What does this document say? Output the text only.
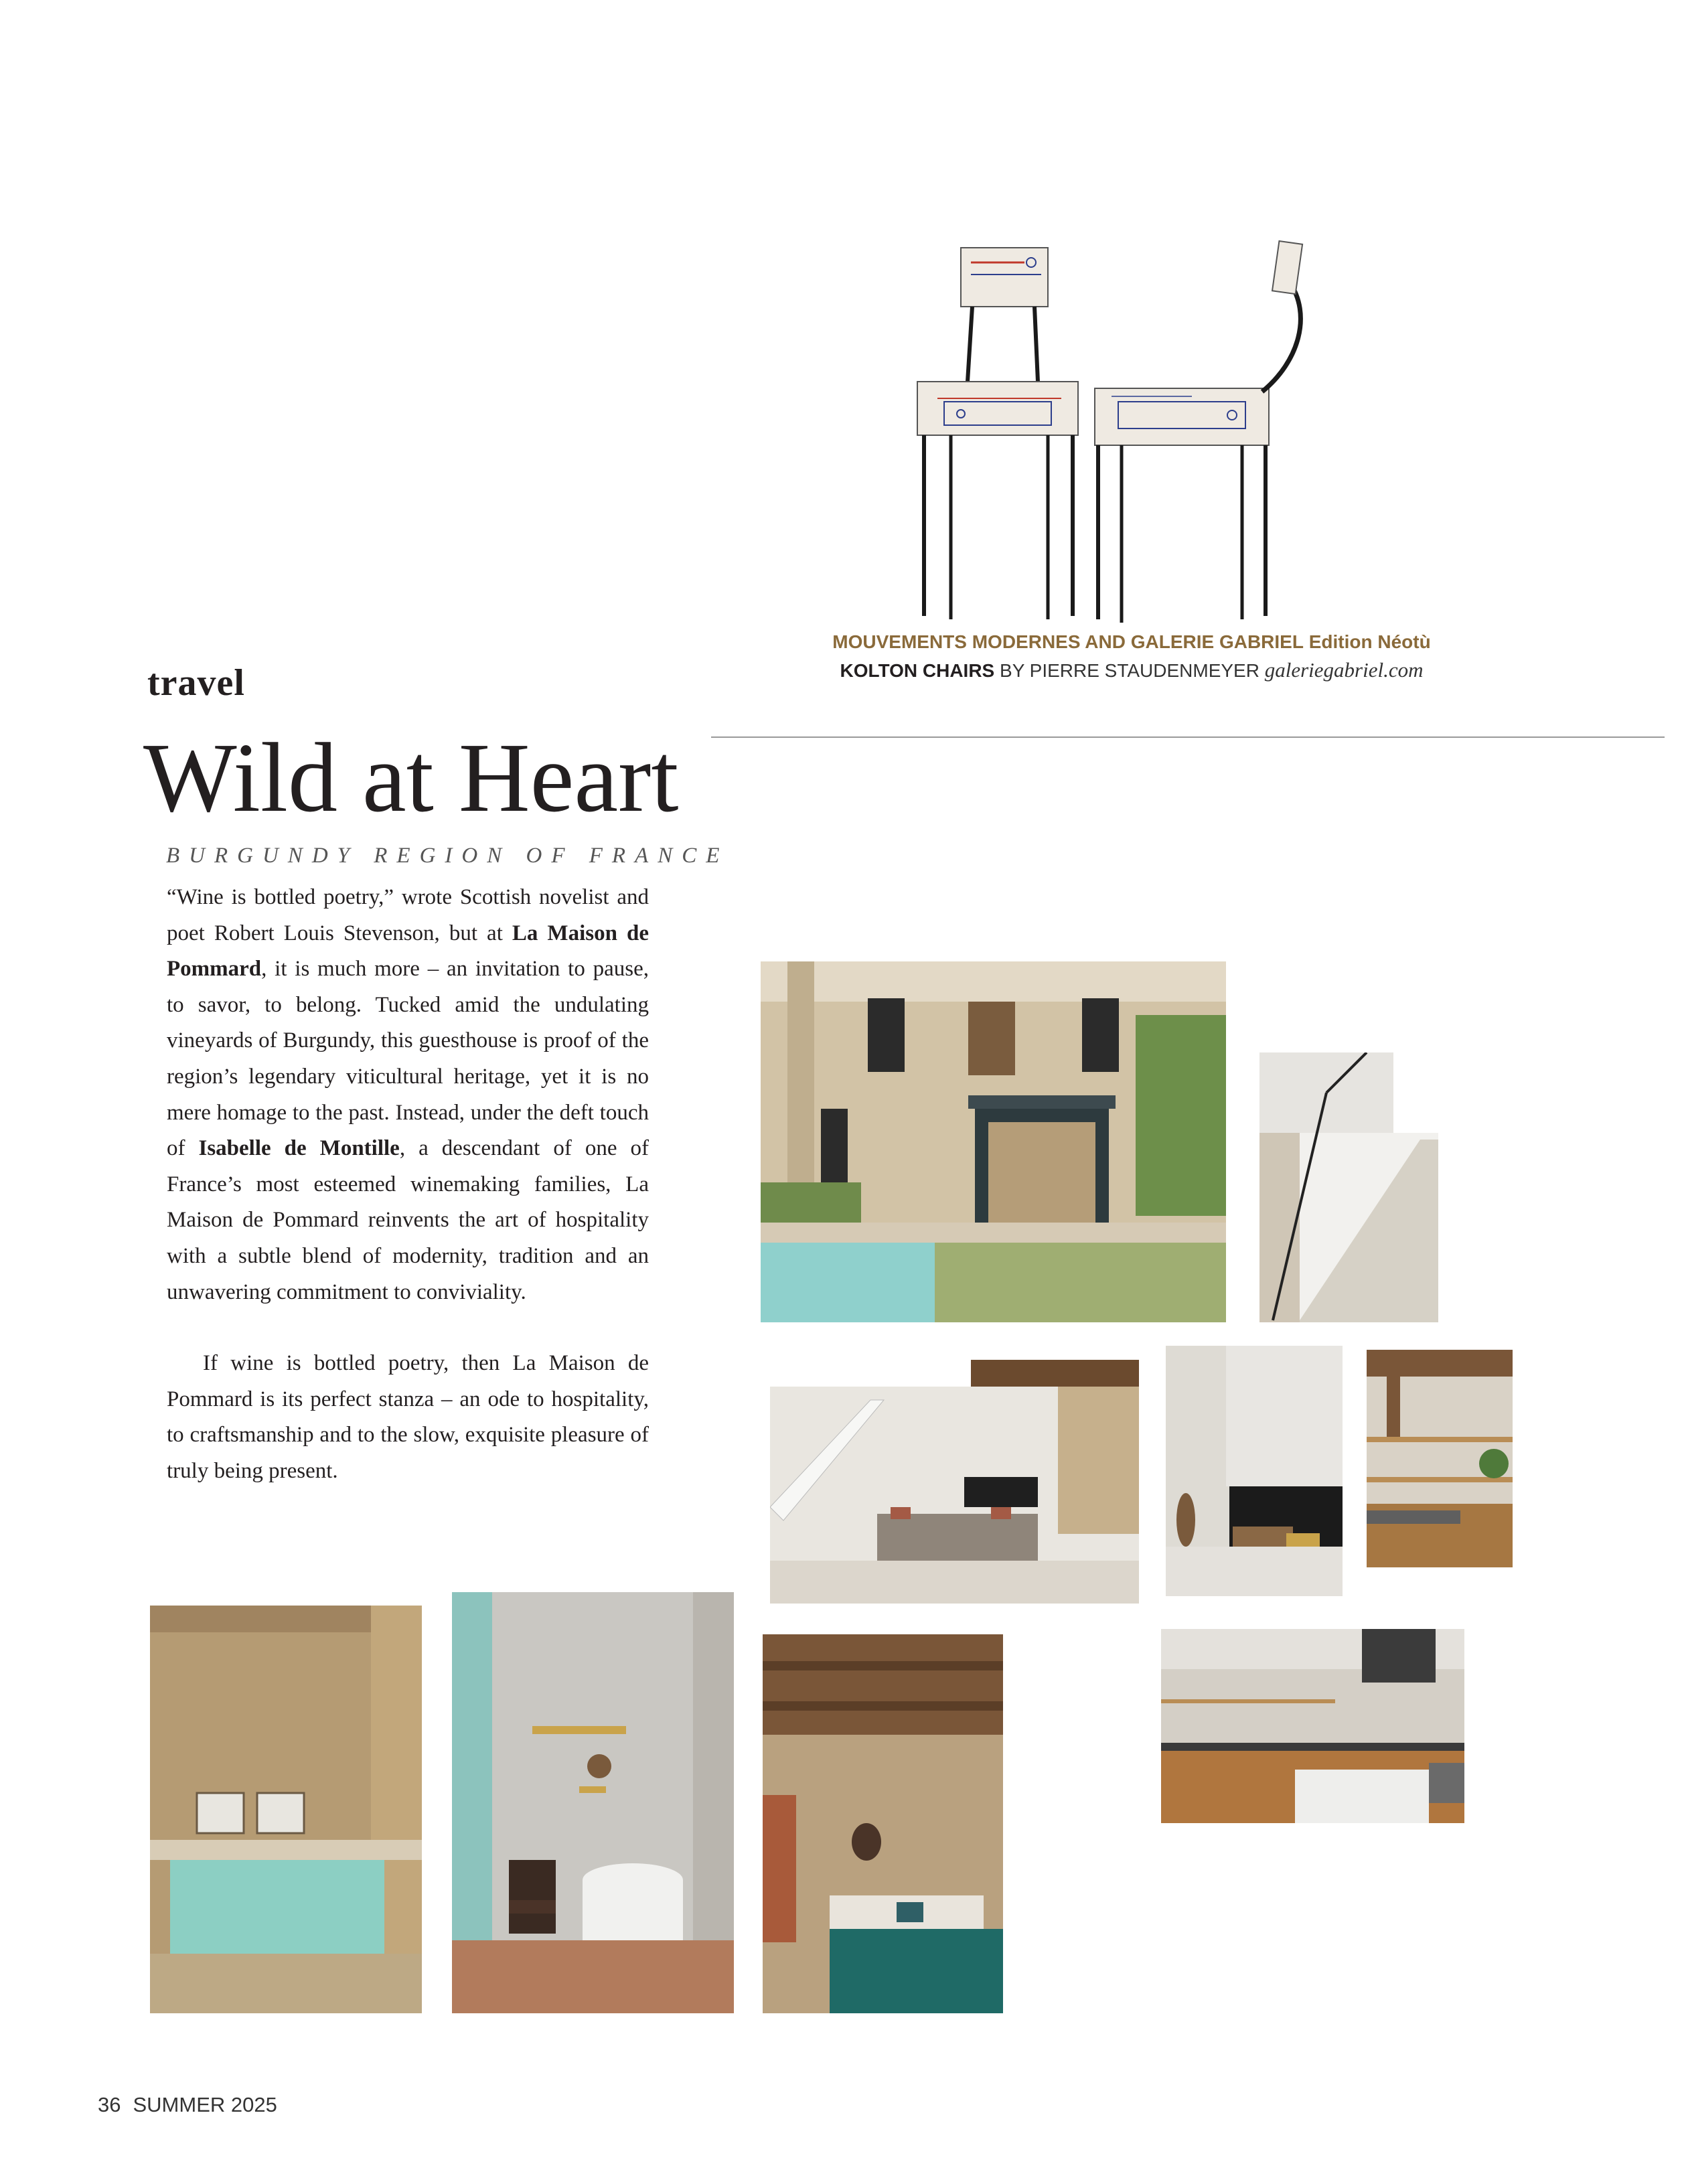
MOUVEMENTS MODERNES AND GALERIE GABRIEL Edition Néotù
KOLTON CHAIRS BY PIERRE STAUDENMEYER galeriegabriel.com
travel
Wild at Heart
BURGUNDY REGION OF FRANCE
“Wine is bottled poetry,” wrote Scottish novelist and poet Robert Louis Stevenson, but at La Maison de Pommard, it is much more – an invitation to pause, to savor, to belong. Tucked amid the undulating vineyards of Burgundy, this guesthouse is proof of the region’s legendary viticultural heritage, yet it is no mere homage to the past. Instead, under the deft touch of Isabelle de Montille, a descendant of one of France’s most esteemed winemaking families, La Maison de Pommard reinvents the art of hospitality with a subtle blend of modernity, tradition and an unwavering commitment to conviviality.
If wine is bottled poetry, then La Maison de Pommard is its perfect stanza – an ode to hospitality, to craftsmanship and to the slow, exquisite pleasure of truly being present.
36 SUMMER 2025
